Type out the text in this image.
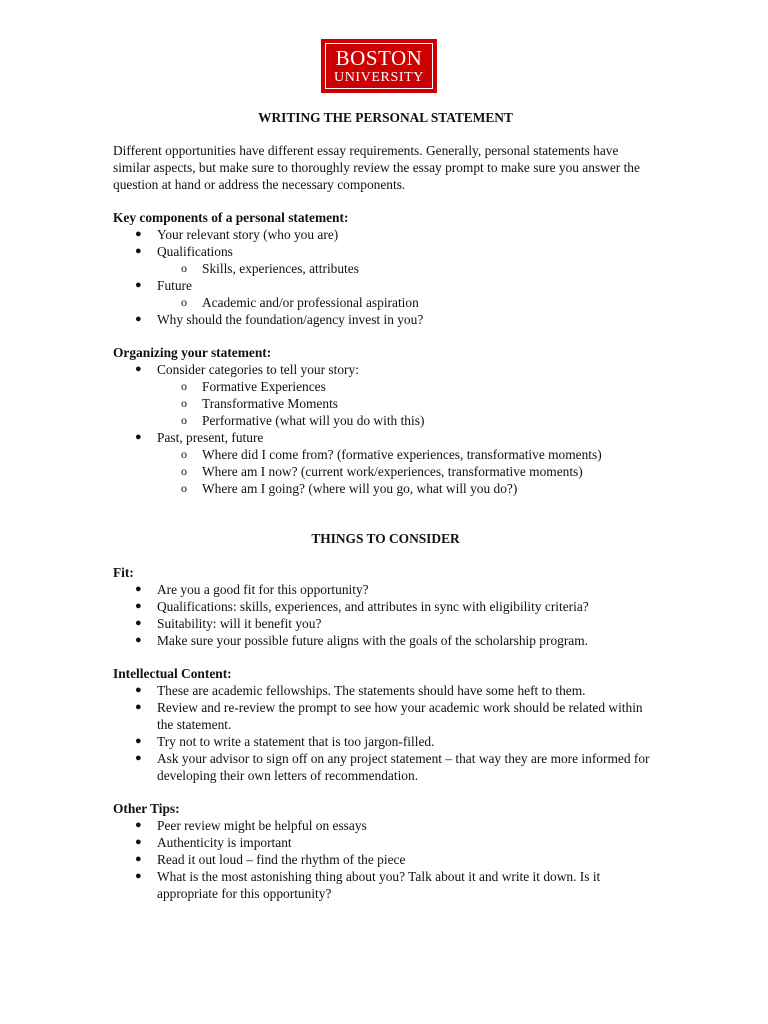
BOSTON
UNIVERSITY
WRITING THE PERSONAL STATEMENT

Different opportunities have different essay requirements. Generally, personal statements have similar aspects, but make sure to thoroughly review the essay prompt to make sure you answer the question at hand or address the necessary components.

Key components of a personal statement:
● Your relevant story (who you are)
● Qualifications
o Skills, experiences, attributes
● Future
o Academic and/or professional aspiration
● Why should the foundation/agency invest in you?
Organizing your statement:
● Consider categories to tell your story:
o Formative Experiences
o Transformative Moments
o Performative (what will you do with this)
● Past, present, future
o Where did I come from? (formative experiences, transformative moments)
o Where am I now? (current work/experiences, transformative moments)
o Where am I going? (where will you go, what will you do?)
THINGS TO CONSIDER
Fit:
● Are you a good fit for this opportunity?
● Qualifications: skills, experiences, and attributes in sync with eligibility criteria?
● Suitability: will it benefit you?
● Make sure your possible future aligns with the goals of the scholarship program.
Intellectual Content:
● These are academic fellowships. The statements should have some heft to them.
● Review and re-review the prompt to see how your academic work should be related within the statement.
● Try not to write a statement that is too jargon-filled.
● Ask your advisor to sign off on any project statement – that way they are more informed for developing their own letters of recommendation.
Other Tips:
● Peer review might be helpful on essays
● Authenticity is important
● Read it out loud – find the rhythm of the piece
● What is the most astonishing thing about you? Talk about it and write it down. Is it appropriate for this opportunity?
